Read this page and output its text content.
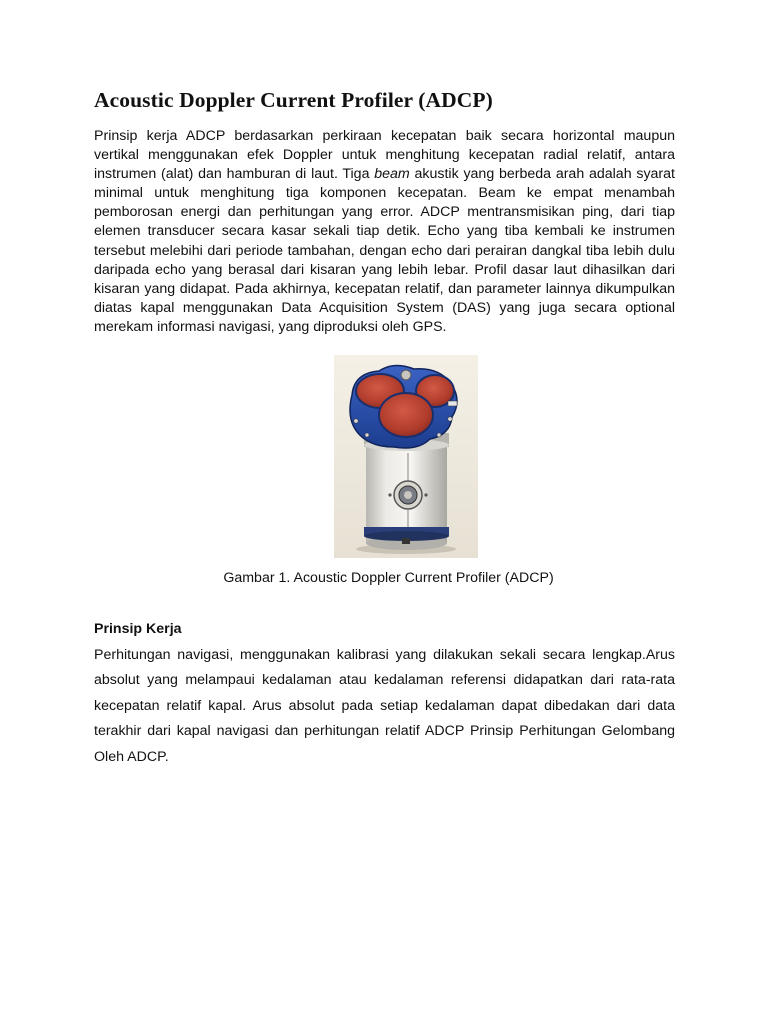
Acoustic Doppler Current Profiler (ADCP)

Prinsip kerja ADCP berdasarkan perkiraan kecepatan baik secara horizontal maupun vertikal menggunakan efek Doppler untuk menghitung kecepatan radial relatif, antara instrumen (alat) dan hamburan di laut. Tiga beam akustik yang berbeda arah adalah syarat minimal untuk menghitung tiga komponen kecepatan. Beam ke empat menambah pemborosan energi dan perhitungan yang error. ADCP mentransmisikan ping, dari tiap elemen transducer secara kasar sekali tiap detik. Echo yang tiba kembali ke instrumen tersebut melebihi dari periode tambahan, dengan echo dari perairan dangkal tiba lebih dulu daripada echo yang berasal dari kisaran yang lebih lebar. Profil dasar laut dihasilkan dari kisaran yang didapat. Pada akhirnya, kecepatan relatif, dan parameter lainnya dikumpulkan diatas kapal menggunakan Data Acquisition System (DAS) yang juga secara optional merekam informasi navigasi, yang diproduksi oleh GPS.

Gambar 1. Acoustic Doppler Current Profiler (ADCP)
Prinsip Kerja

Perhitungan navigasi, menggunakan kalibrasi yang dilakukan sekali secara lengkap.Arus absolut yang melampaui kedalaman atau kedalaman referensi didapatkan dari rata-rata kecepatan relatif kapal. Arus absolut pada setiap kedalaman dapat dibedakan dari data terakhir dari kapal navigasi dan perhitungan relatif ADCP Prinsip Perhitungan Gelombang Oleh ADCP.
